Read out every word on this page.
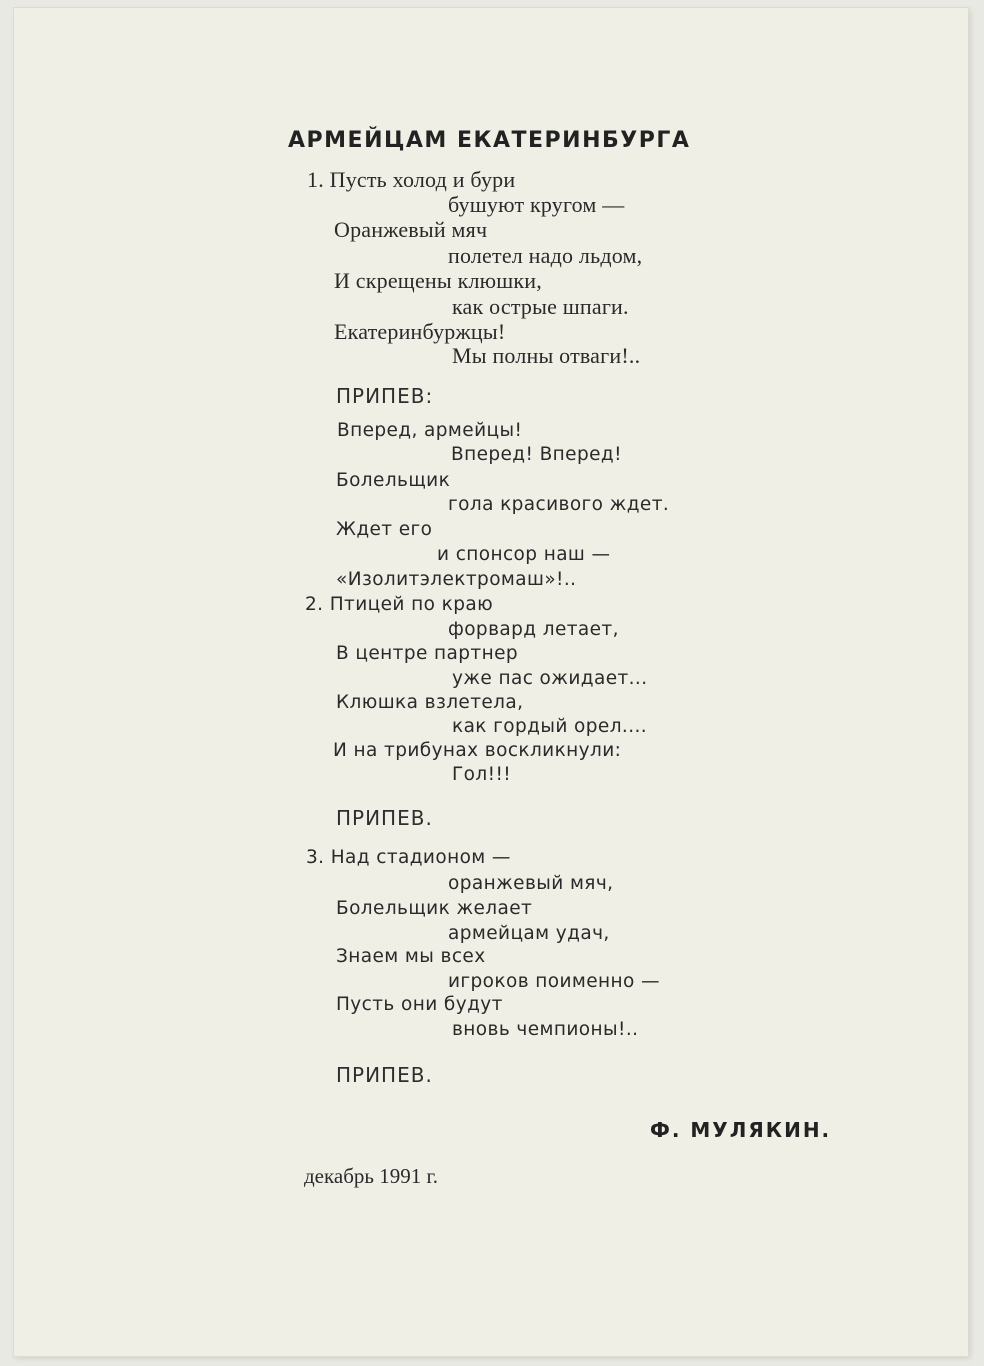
АРМЕЙЦАМ ЕКАТЕРИНБУРГА
1. Пусть холод и бури
бушуют кругом —
Оранжевый мяч
полетел надо льдом,
И скрещены клюшки,
как острые шпаги.
Екатеринбуржцы!
Мы полны отваги!..
ПРИПЕВ:
Вперед, армейцы!
Вперед! Вперед!
Болельщик
гола красивого ждет.
Ждет его
и спонсор наш —
«Изолитэлектромаш»!..
2. Птицей по краю
форвард летает,
В центре партнер
уже пас ожидает...
Клюшка взлетела,
как гордый орел....
И на трибунах воскликнули:
Гол!!!
ПРИПЕВ.
3. Над стадионом —
оранжевый мяч,
Болельщик желает
армейцам удач,
Знаем мы всех
игроков поименно —
Пусть они будут
вновь чемпионы!..
ПРИПЕВ.
Ф. МУЛЯКИН.
декабрь 1991 г.
